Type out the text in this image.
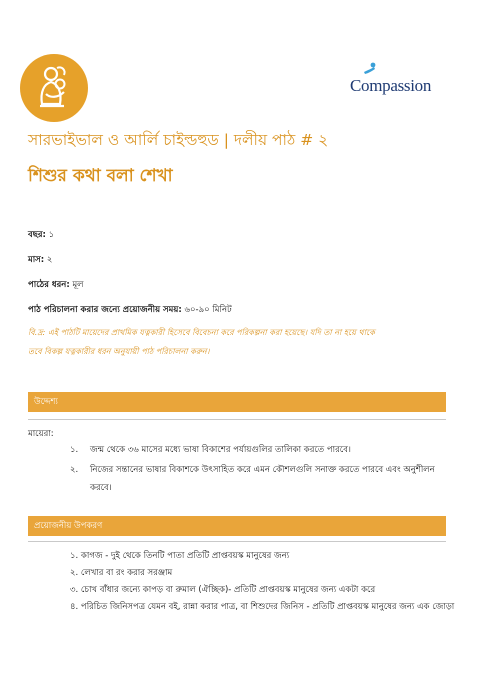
Compassion
সারভাইভাল ও আর্লি চাইল্ডহুড | দলীয় পাঠ # ২
শিশুর কথা বলা শেখা
বছর: ১
মাস: ২
পাঠের ধরন: মূল
পাঠ পরিচালনা করার জন্যে প্রয়োজনীয় সময়: ৬০-৯০ মিনিট
বি.দ্র: এই পাঠটি মায়েদের প্রাথমিক যত্নকারী হিসেবে বিবেচনা করে পরিকল্পনা করা হয়েছে। যদি তা না হয়ে থাকে
তবে বিকল্প যত্নকারীর ধরন অনুযায়ী পাঠ পরিচালনা করুন।
উদ্দেশ্য
মায়েরা:
১. জন্ম থেকে ৩৬ মাসের মধ্যে ভাষা বিকাশের পর্যায়গুলির তালিকা করতে পারবে।
২. নিজের সন্তানের ভাষার বিকাশকে উৎসাহিত করে এমন কৌশলগুলি সনাক্ত করতে পারবে এবং অনুশীলন
করবে।
প্রয়োজনীয় উপকরণ
১. কাগজ - দুই থেকে তিনটি পাতা প্রতিটি প্রাপ্তবয়স্ক মানুষের জন্য
২. লেখার বা রং করার সরঞ্জাম
৩. চোখ বাঁধার জন্যে কাপড় বা রুমাল (ঐচ্ছিক)- প্রতিটি প্রাপ্তবয়স্ক মানুষের জন্য একটা করে
৪. পরিচিত জিনিসপত্র যেমন বই, রান্না করার পাত্র, বা শিশুদের জিনিস - প্রতিটি প্রাপ্তবয়স্ক মানুষের জন্য এক জোড়া
